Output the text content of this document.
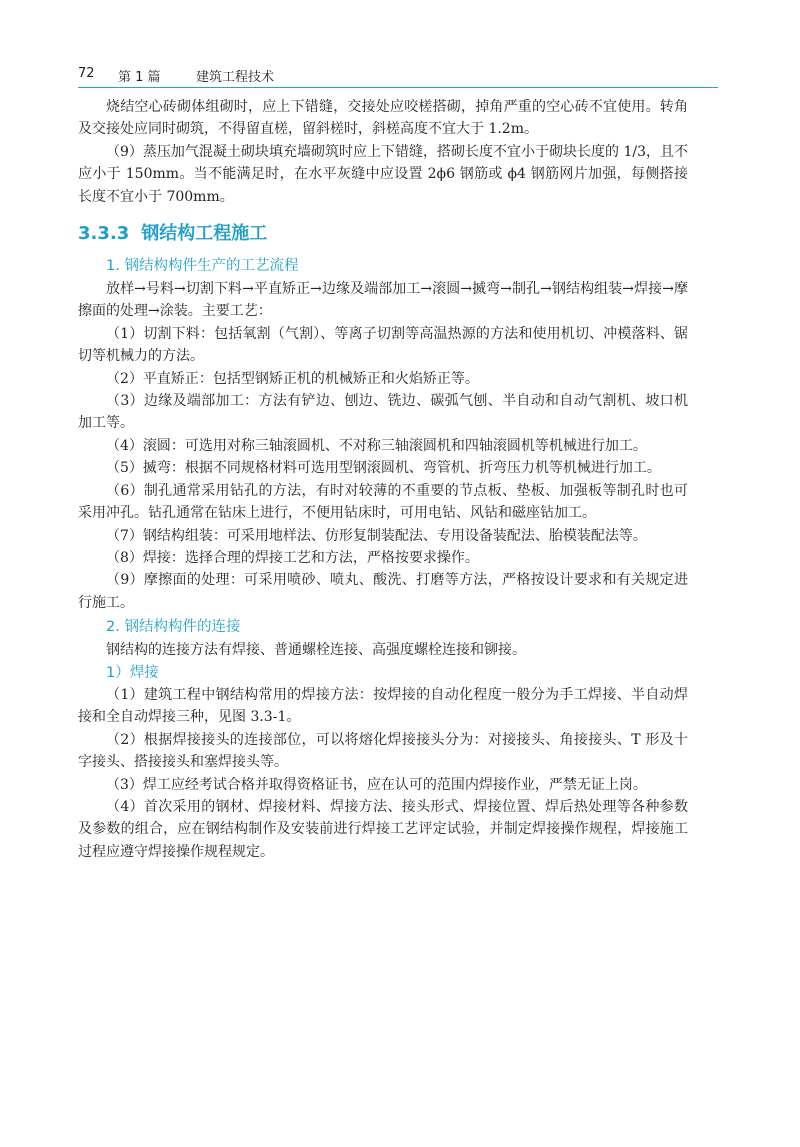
72 第 1 篇	建筑工程技术

烧结空心砖砌体组砌时，应上下错缝，交接处应咬槎搭砌，掉角严重的空心砖不宜使用。转角及交接处应同时砌筑，不得留直槎，留斜槎时，斜槎高度不宜大于 1.2m。

（9）蒸压加气混凝土砌块填充墙砌筑时应上下错缝，搭砌长度不宜小于砌块长度的 1/3，且不应小于 150mm。当不能满足时，在水平灰缝中应设置 2ϕ6 钢筋或 ϕ4 钢筋网片加强，每侧搭接长度不宜小于 700mm。

3.3.3 钢结构工程施工
1. 钢结构构件生产的工艺流程

放样→号料→切割下料→平直矫正→边缘及端部加工→滚圆→揻弯→制孔→钢结构组装→焊接→摩擦面的处理→涂装。主要工艺：

（1）切割下料：包括氧割（气割）、等离子切割等高温热源的方法和使用机切、冲模落料、锯切等机械力的方法。

（2）平直矫正：包括型钢矫正机的机械矫正和火焰矫正等。

（3）边缘及端部加工：方法有铲边、刨边、铣边、碳弧气刨、半自动和自动气割机、坡口机加工等。

（4）滚圆：可选用对称三轴滚圆机、不对称三轴滚圆机和四轴滚圆机等机械进行加工。

（5）揻弯：根据不同规格材料可选用型钢滚圆机、弯管机、折弯压力机等机械进行加工。

（6）制孔通常采用钻孔的方法，有时对较薄的不重要的节点板、垫板、加强板等制孔时也可采用冲孔。钻孔通常在钻床上进行，不便用钻床时，可用电钻、风钻和磁座钻加工。

（7）钢结构组装：可采用地样法、仿形复制装配法、专用设备装配法、胎模装配法等。

（8）焊接：选择合理的焊接工艺和方法，严格按要求操作。

（9）摩擦面的处理：可采用喷砂、喷丸、酸洗、打磨等方法，严格按设计要求和有关规定进行施工。

2. 钢结构构件的连接

钢结构的连接方法有焊接、普通螺栓连接、高强度螺栓连接和铆接。

1）焊接

（1）建筑工程中钢结构常用的焊接方法：按焊接的自动化程度一般分为手工焊接、半自动焊接和全自动焊接三种，见图 3.3-1。

（2）根据焊接接头的连接部位，可以将熔化焊接接头分为：对接接头、角接接头、T 形及十字接头、搭接接头和塞焊接头等。

（3）焊工应经考试合格并取得资格证书，应在认可的范围内焊接作业，严禁无证上岗。

（4）首次采用的钢材、焊接材料、焊接方法、接头形式、焊接位置、焊后热处理等各种参数及参数的组合，应在钢结构制作及安装前进行焊接工艺评定试验，并制定焊接操作规程，焊接施工过程应遵守焊接操作规程规定。
